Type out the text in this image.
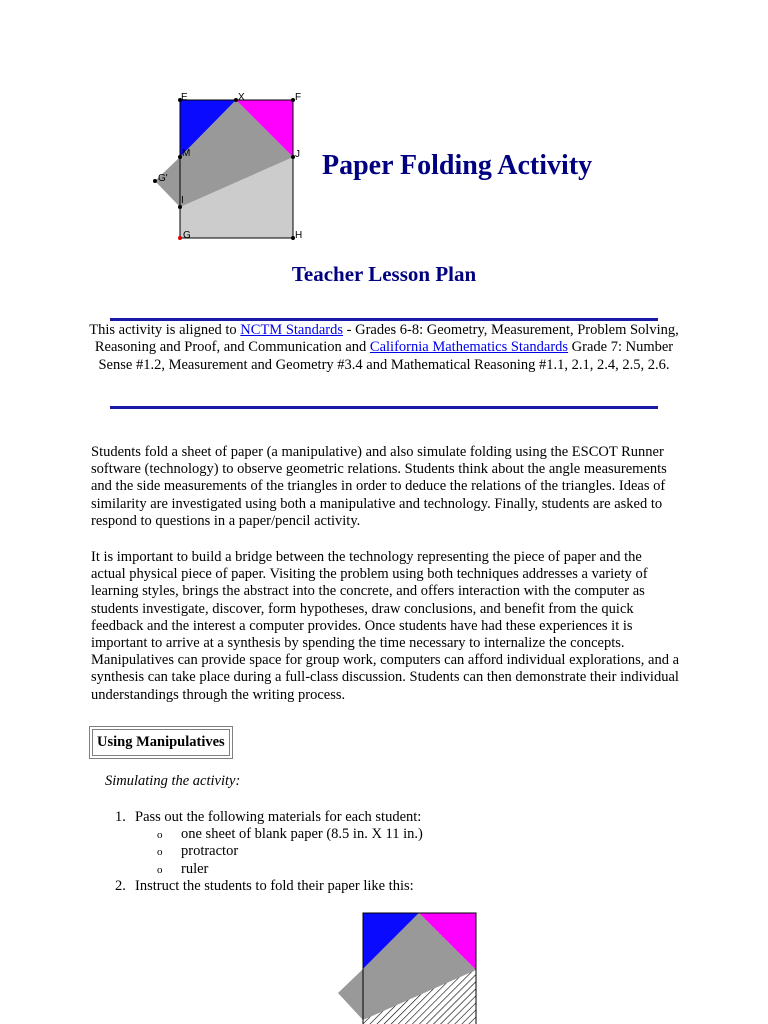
E	X	F
M	J
G'
I
G	H
Paper Folding Activity
Teacher Lesson Plan

This activity is aligned to NCTM Standards - Grades 6-8: Geometry, Measurement, Problem Solving, Reasoning and Proof, and Communication and California Mathematics Standards Grade 7: Number Sense #1.2, Measurement and Geometry #3.4 and Mathematical Reasoning #1.1, 2.1, 2.4, 2.5, 2.6.

Students fold a sheet of paper (a manipulative) and also simulate folding using the ESCOT Runner software (technology) to observe geometric relations. Students think about the angle measurements and the side measurements of the triangles in order to deduce the relations of the triangles. Ideas of similarity are investigated using both a manipulative and technology. Finally, students are asked to respond to questions in a paper/pencil activity.

It is important to build a bridge between the technology representing the piece of paper and the actual physical piece of paper. Visiting the problem using both techniques addresses a variety of learning styles, brings the abstract into the concrete, and offers interaction with the computer as students investigate, discover, form hypotheses, draw conclusions, and benefit from the quick feedback and the interest a computer provides. Once students have had these experiences it is important to arrive at a synthesis by spending the time necessary to internalize the concepts. Manipulatives can provide space for group work, computers can afford individual explorations, and a synthesis can take place during a full-class discussion. Students can then demonstrate their individual understandings through the writing process.

Using Manipulatives

Simulating the activity:

1. Pass out the following materials for each student:
o one sheet of blank paper (8.5 in. X 11 in.)
o protractor
o ruler
2. Instruct the students to fold their paper like this:
